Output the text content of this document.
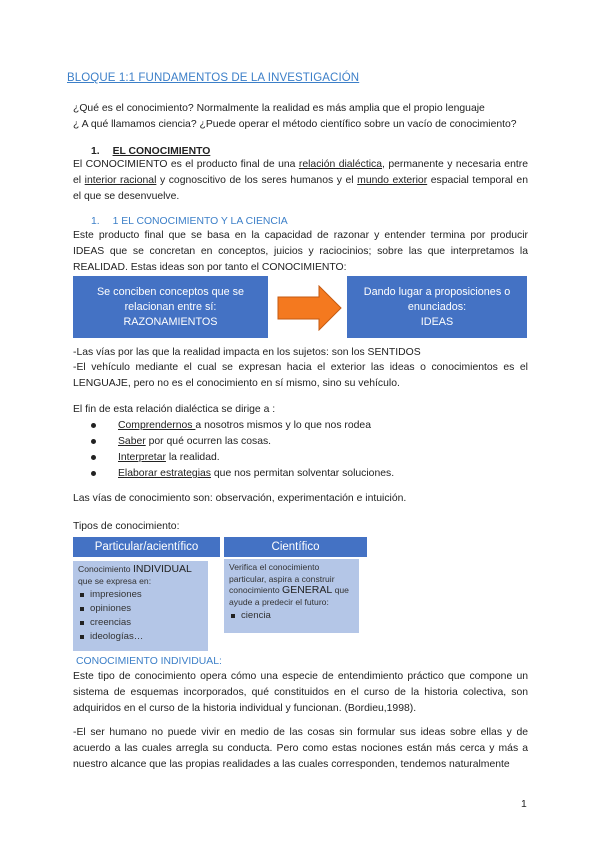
BLOQUE 1:1 FUNDAMENTOS DE LA INVESTIGACIÓN
¿Qué es el conocimiento? Normalmente la realidad es más amplia que el propio lenguaje
¿ A qué llamamos ciencia? ¿Puede operar el método científico sobre un vacío de conocimiento?
1. EL CONOCIMIENTO
El CONOCIMIENTO es el producto final de una relación dialéctica, permanente y necesaria entre el interior racional y cognoscitivo de los seres humanos y el mundo exterior espacial temporal en el que se desenvuelve.
1. 1 EL CONOCIMIENTO Y LA CIENCIA
Este producto final que se basa en la capacidad de razonar y entender termina por producir IDEAS que se concretan en conceptos, juicios y raciocinios; sobre las que interpretamos la REALIDAD. Estas ideas son por tanto el CONOCIMIENTO:
Se conciben conceptos que se
relacionan entre sí:
RAZONAMIENTOS
Dando lugar a proposiciones o
enunciados:
IDEAS
-Las vías por las que la realidad impacta en los sujetos: son los SENTIDOS
-El vehículo mediante el cual se expresan hacia el exterior las ideas o conocimientos es el LENGUAJE, pero no es el conocimiento en sí mismo, sino su vehículo.
El fin de esta relación dialéctica se dirige a :
Comprendernos a nosotros mismos y lo que nos rodea
Saber por qué ocurren las cosas.
Interpretar la realidad.
Elaborar estrategias que nos permitan solventar soluciones.
Las vías de conocimiento son: observación, experimentación e intuición.
Tipos de conocimiento:
Particular/acientífico
Conocimiento INDIVIDUAL que se expresa en:
impresiones
opiniones
creencias
ideologías…
Científico
Verifica el conocimiento particular, aspira a construir conocimiento GENERAL que ayude a predecir el futuro:
ciencia
CONOCIMIENTO INDIVIDUAL:
Este tipo de conocimiento opera cómo una especie de entendimiento práctico que compone un sistema de esquemas incorporados, qué constituidos en el curso de la historia colectiva, son adquiridos en el curso de la historia individual y funcionan. (Bordieu,1998).
-El ser humano no puede vivir en medio de las cosas sin formular sus ideas sobre ellas y de acuerdo a las cuales arregla su conducta. Pero como estas nociones están más cerca y más a nuestro alcance que las propias realidades a las cuales corresponden, tendemos naturalmente
1
